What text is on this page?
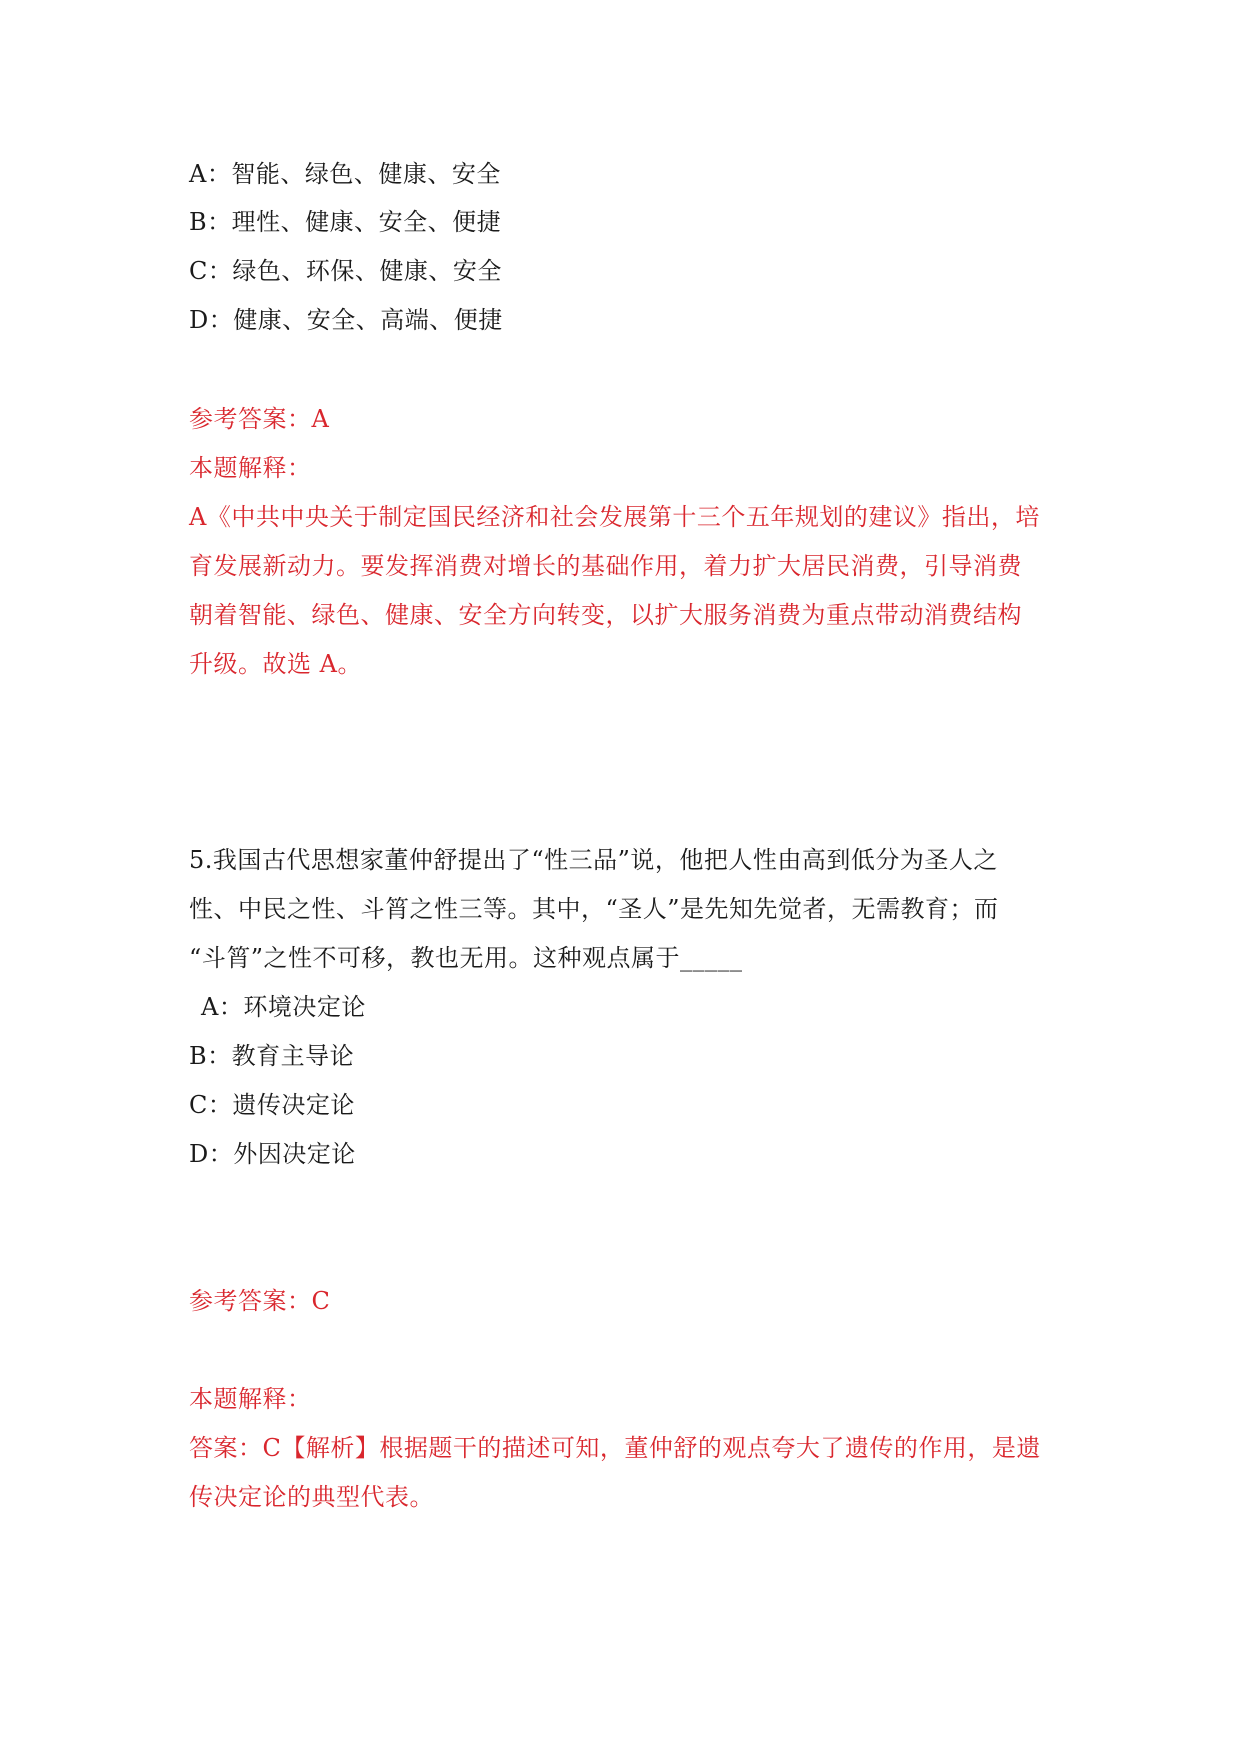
A：智能、绿色、健康、安全
B：理性、健康、安全、便捷
C：绿色、环保、健康、安全
D：健康、安全、高端、便捷
参考答案：A
本题解释：
A《中共中央关于制定国民经济和社会发展第十三个五年规划的建议》指出，培
育发展新动力。要发挥消费对增长的基础作用，着力扩大居民消费，引导消费
朝着智能、绿色、健康、安全方向转变，以扩大服务消费为重点带动消费结构
升级。故选 A。
5.我国古代思想家董仲舒提出了“性三品”说，他把人性由高到低分为圣人之
性、中民之性、斗筲之性三等。其中，“圣人”是先知先觉者，无需教育；而
“斗筲”之性不可移，教也无用。这种观点属于_____
A：环境决定论
B：教育主导论
C：遗传决定论
D：外因决定论
参考答案：C
本题解释：
答案：C【解析】根据题干的描述可知，董仲舒的观点夸大了遗传的作用，是遗
传决定论的典型代表。
